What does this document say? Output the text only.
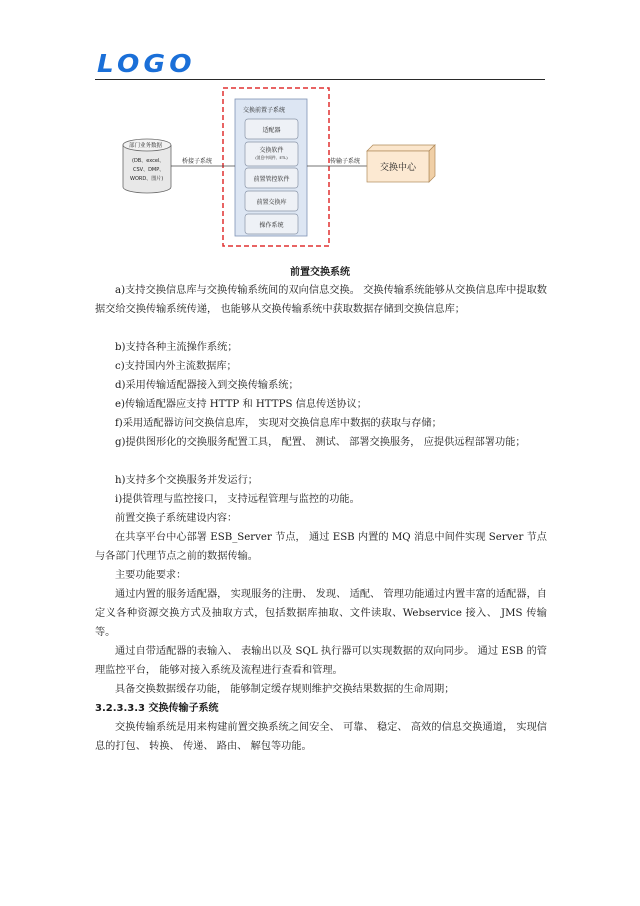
LOGO
部门业务数据
(DB、excel、
CSV、DMP、
WORD、图片)
桥接子系统
交换前置子系统
适配器
交换软件
(消息中间件、ETL)
前置管控软件
前置交换库
操作系统
传输子系统
交换中心
前置交换系统

a)支持交换信息库与交换传输系统间的双向信息交换。 交换传输系统能够从交换信息库中提取数据交给交换传输系统传递， 也能够从交换传输系统中获取数据存储到交换信息库；

b)支持各种主流操作系统；

c)支持国内外主流数据库；

d)采用传输适配器接入到交换传输系统；

e)传输适配器应支持 HTTP 和 HTTPS 信息传送协议；

f)采用适配器访问交换信息库， 实现对交换信息库中数据的获取与存储；

g)提供图形化的交换服务配置工具， 配置、 测试、 部署交换服务， 应提供远程部署功能；

h)支持多个交换服务并发运行；

i)提供管理与监控接口， 支持远程管理与监控的功能。

前置交换子系统建设内容：

在共享平台中心部署 ESB_Server 节点， 通过 ESB 内置的 MQ 消息中间件实现 Server 节点与各部门代理节点之前的数据传输。

主要功能要求：

通过内置的服务适配器， 实现服务的注册、 发现、 适配、 管理功能通过内置丰富的适配器，自定义各种资源交换方式及抽取方式，包括数据库抽取、文件读取、Webservice 接入、 JMS 传输等。

通过自带适配器的表输入、 表输出以及 SQL 执行器可以实现数据的双向同步。 通过 ESB 的管理监控平台， 能够对接入系统及流程进行查看和管理。

具备交换数据缓存功能， 能够制定缓存规则维护交换结果数据的生命周期；

3.2.3.3.3 交换传输子系统

交换传输系统是用来构建前置交换系统之间安全、 可靠、 稳定、 高效的信息交换通道， 实现信息的打包、 转换、 传递、 路由、 解包等功能。
